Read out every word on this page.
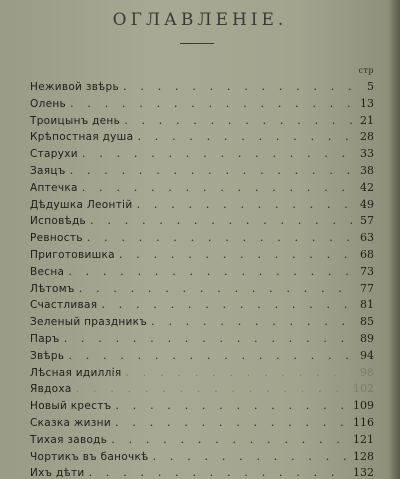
ОГЛАВЛЕНІЕ.
стр
Неживой звѣрь . . .	5
Олень . . .	13
Троицынъ день . . .	21
Крѣпостная душа . . .	28
Старухи . . .	33
Заяцъ . . .	38
Аптечка . . .	42
Дѣдушка Леонтій . . .	49
Исповѣдь . . .	57
Ревность . . .	63
Приготовишка . . .	68
Весна . . .	73
Лѣтомъ . . .	77
Счастливая . . .	81
Зеленый праздникъ . . .	85
Паръ . . .	89
Звѣрь . . .	94
Лѣсная идиллія . . .	98
Явдоха . . .	102
Новый крестъ . . .	109
Сказка жизни . . .	116
Тихая заводь . . .	121
Чортикъ въ баночкѣ . . .	128
Ихъ дѣти . . .	132
